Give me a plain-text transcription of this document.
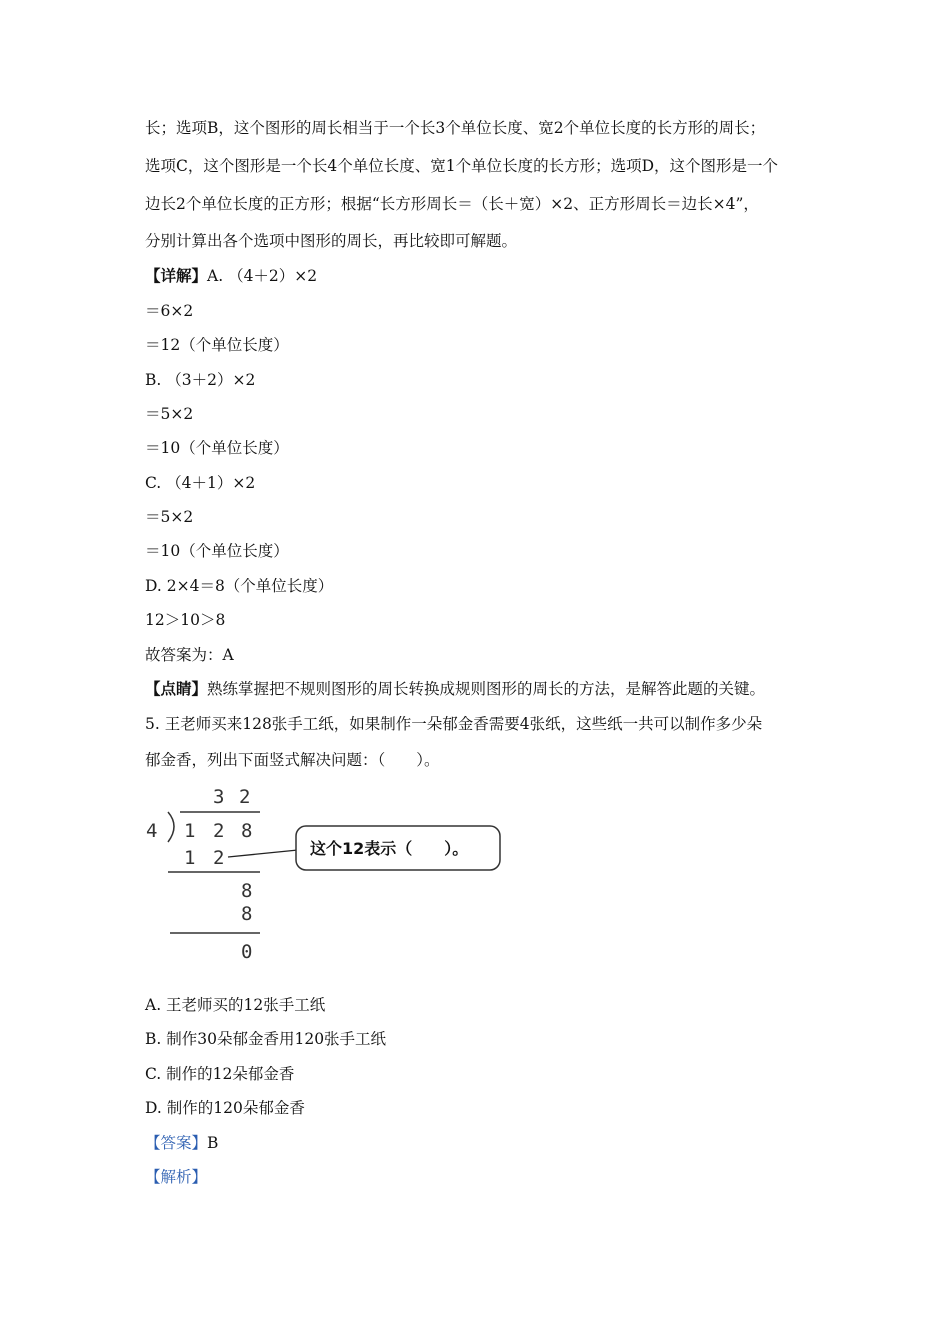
长；选项B，这个图形的周长相当于一个长3个单位长度、宽2个单位长度的长方形的周长；
选项C，这个图形是一个长4个单位长度、宽1个单位长度的长方形；选项D，这个图形是一个
边长2个单位长度的正方形；根据“长方形周长＝（长＋宽）×2、正方形周长＝边长×4”，
分别计算出各个选项中图形的周长，再比较即可解题。
【详解】A. （4＋2）×2
＝6×2
＝12（个单位长度）
B. （3＋2）×2
＝5×2
＝10（个单位长度）
C. （4＋1）×2
＝5×2
＝10（个单位长度）
D. 2×4＝8（个单位长度）
12＞10＞8
故答案为：A
【点睛】熟练掌握把不规则图形的周长转换成规则图形的周长的方法，是解答此题的关键。
5. 王老师买来128张手工纸，如果制作一朵郁金香需要4张纸，这些纸一共可以制作多少朵
郁金香，列出下面竖式解决问题：（　　）。
3 2
4 1 2 8
1 2
8
8
0
这个12表示（　　）。
A. 王老师买的12张手工纸
B. 制作30朵郁金香用120张手工纸
C. 制作的12朵郁金香
D. 制作的120朵郁金香
【答案】B
【解析】
